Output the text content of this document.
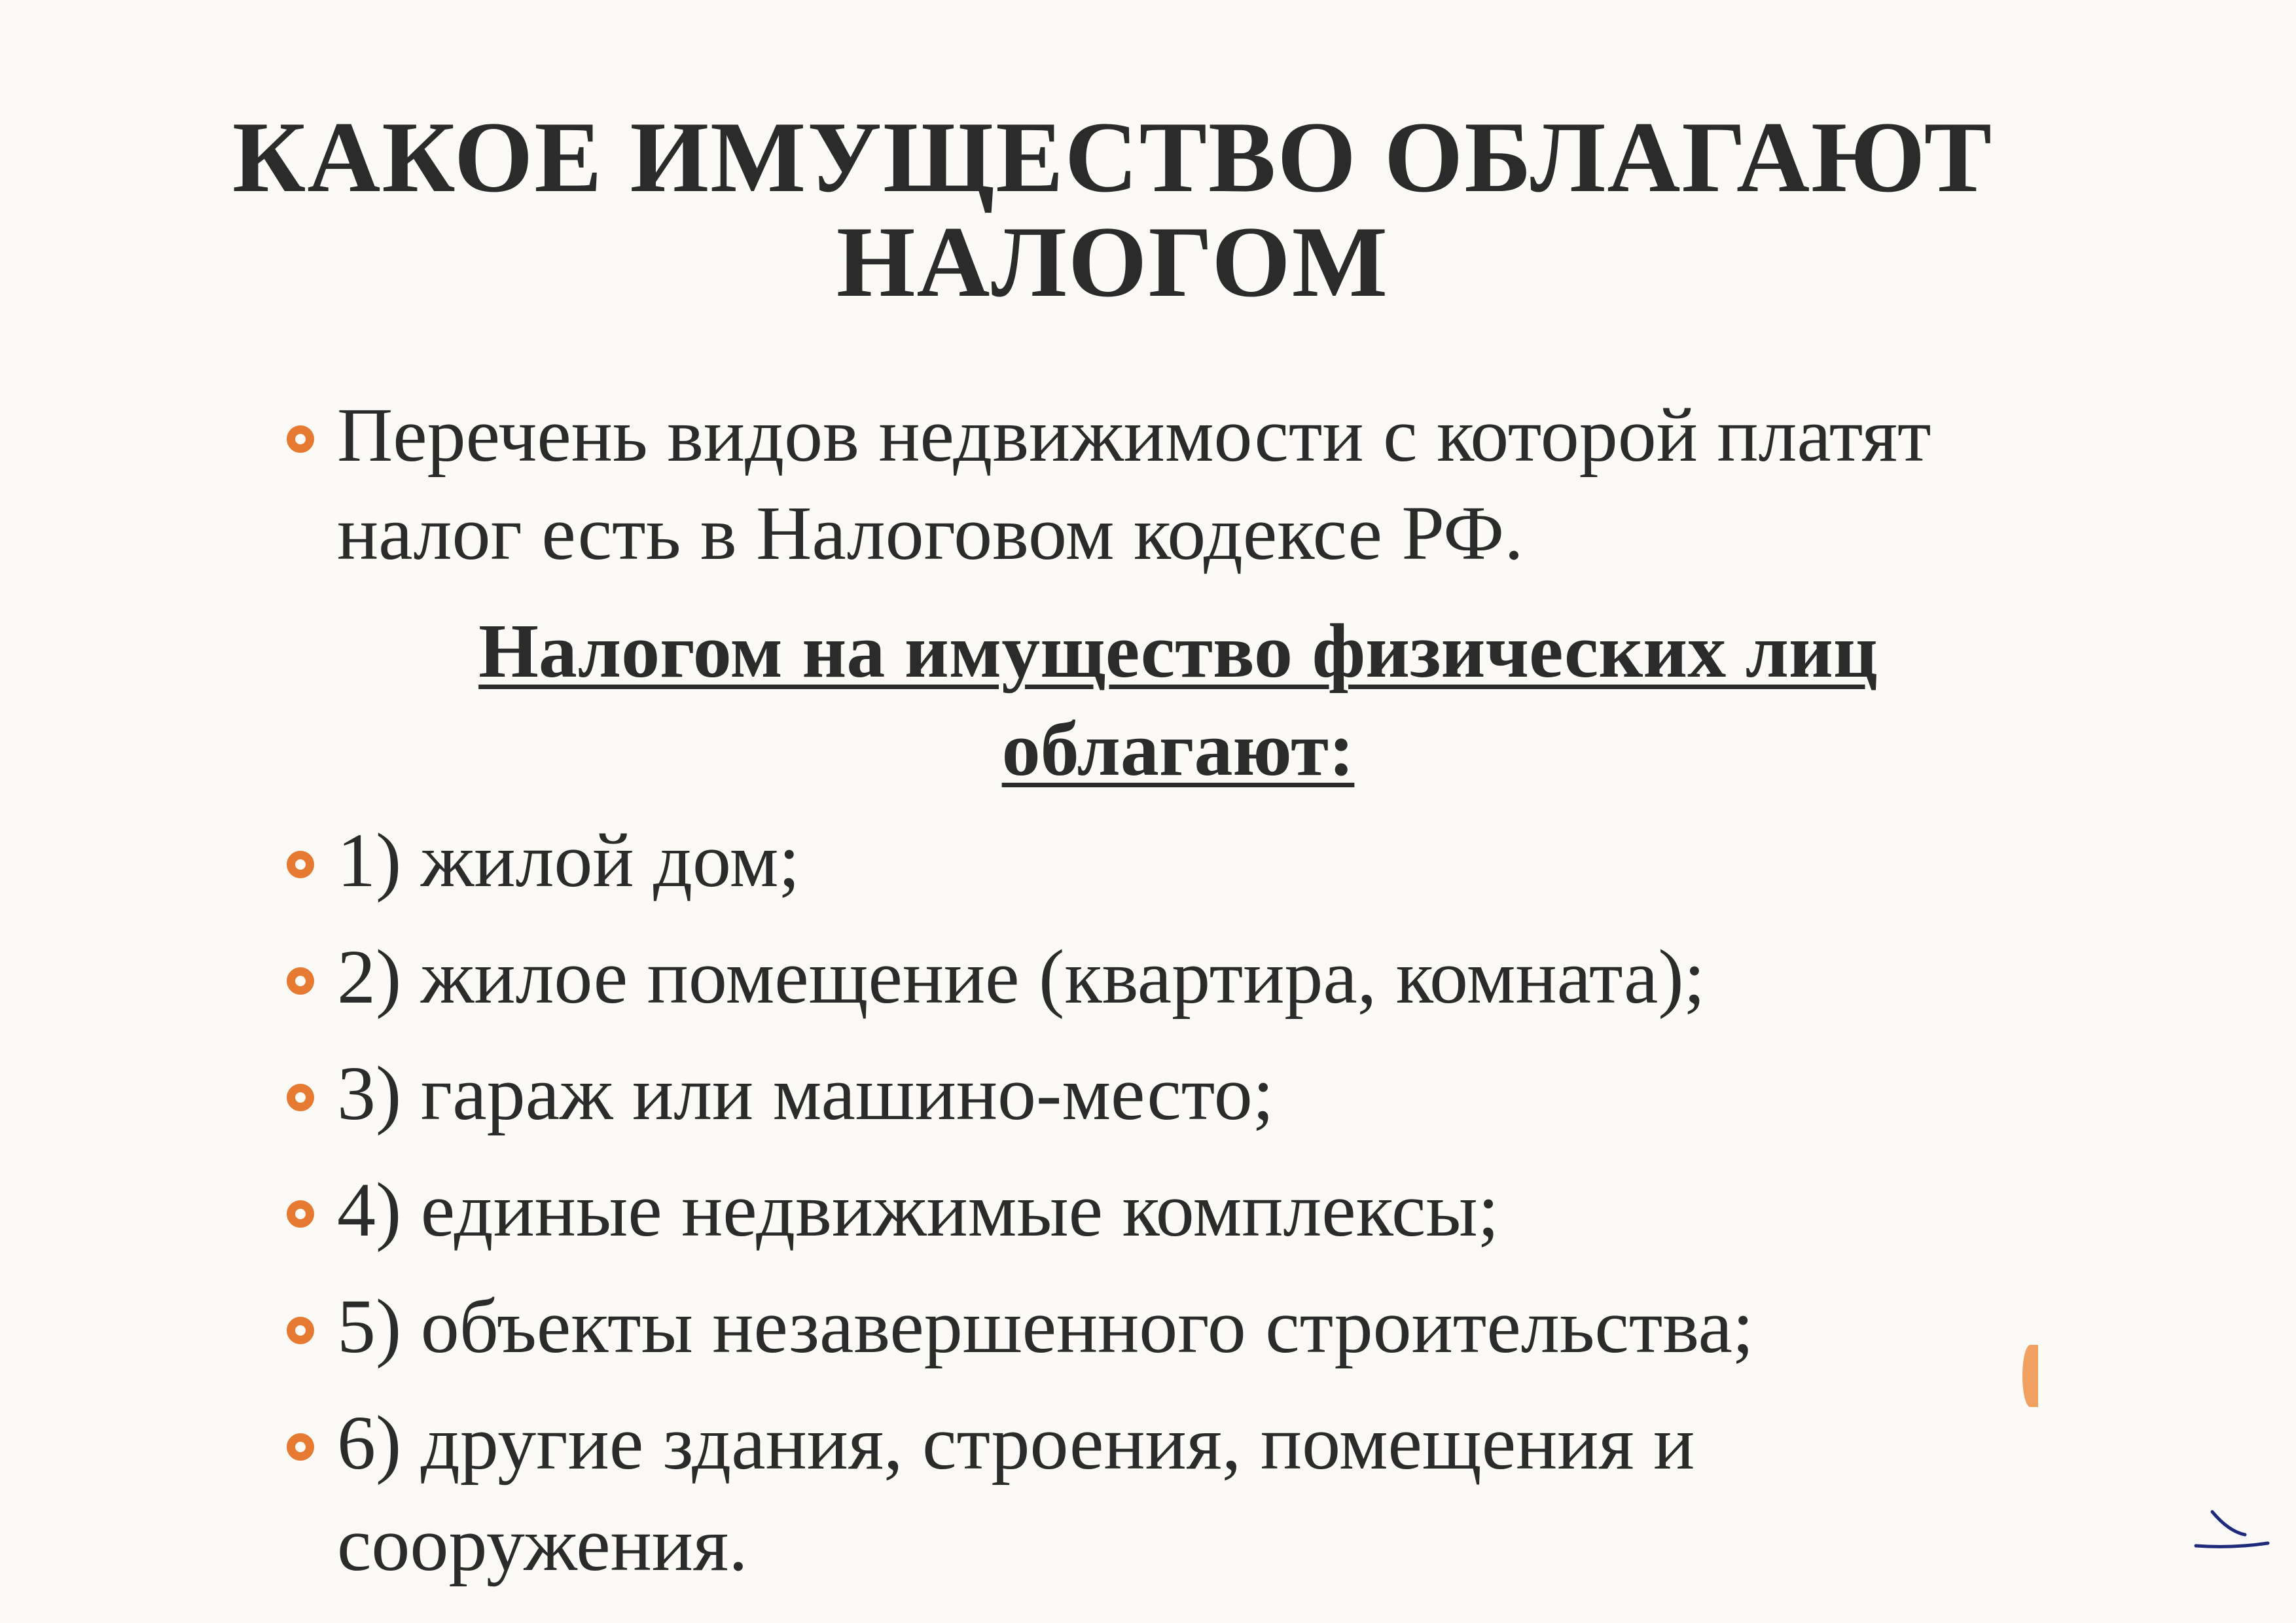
КАКОЕ ИМУЩЕСТВО ОБЛАГАЮТ
НАЛОГОМ
Перечень видов недвижимости с которой платят
налог есть в Налоговом кодексе РФ.
Налогом на имущество физических лиц
облагают:
1) жилой дом;
2) жилое помещение (квартира, комната);
3) гараж или машино-место;
4) единые недвижимые комплексы;
5) объекты незавершенного строительства;
6) другие здания, строения, помещения и
сооружения.
